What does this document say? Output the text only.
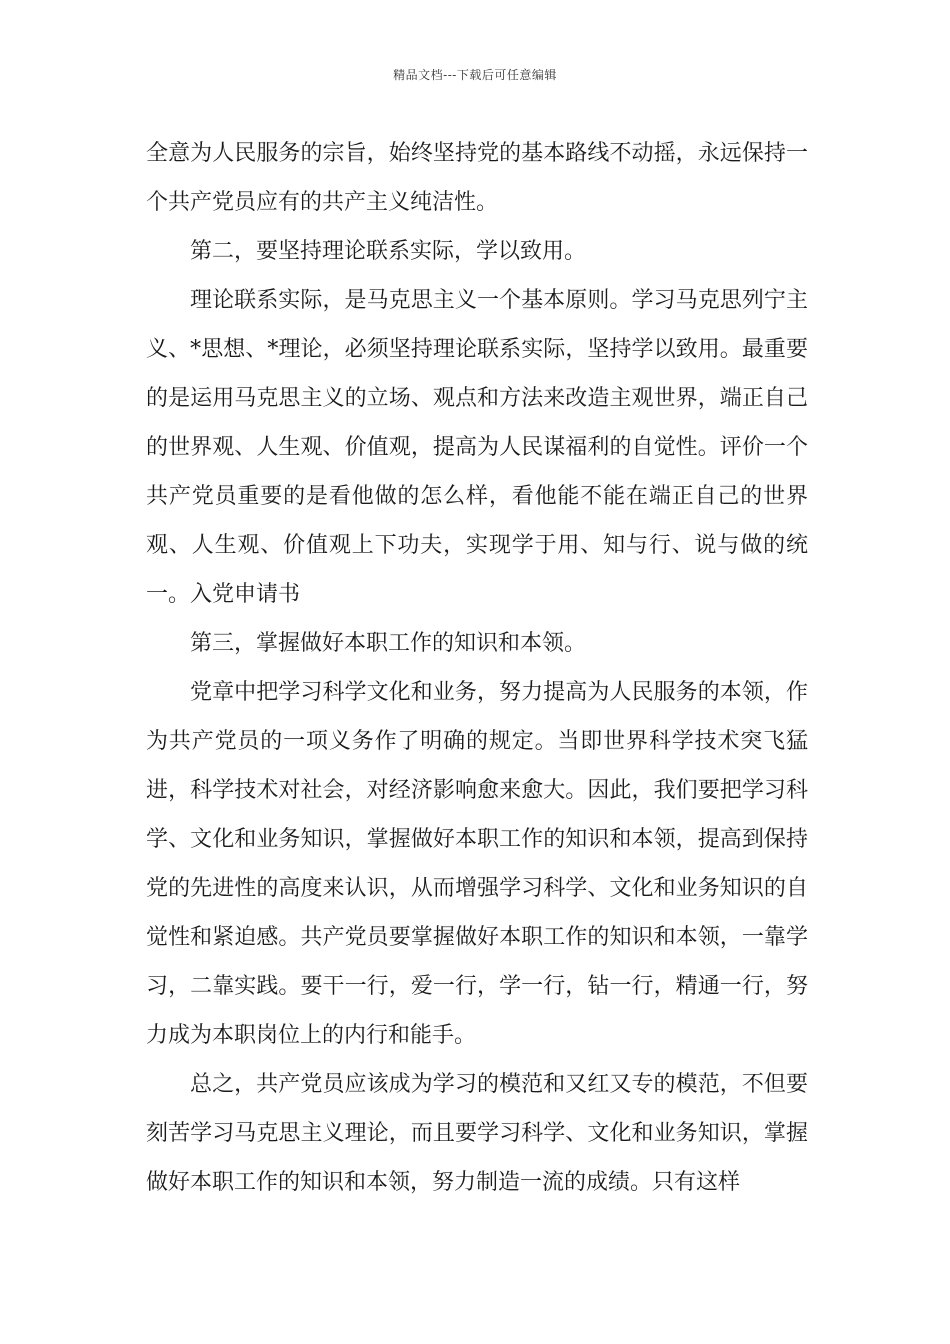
精品文档---下载后可任意编辑

全意为人民服务的宗旨，始终坚持党的基本路线不动摇，永远保持一个共产党员应有的共产主义纯洁性。

第二，要坚持理论联系实际，学以致用。

理论联系实际，是马克思主义一个基本原则。学习马克思列宁主义、*思想、*理论，必须坚持理论联系实际，坚持学以致用。最重要的是运用马克思主义的立场、观点和方法来改造主观世界，端正自己的世界观、人生观、价值观，提高为人民谋福利的自觉性。评价一个共产党员重要的是看他做的怎么样，看他能不能在端正自己的世界观、人生观、价值观上下功夫，实现学于用、知与行、说与做的统一。入党申请书

第三，掌握做好本职工作的知识和本领。

党章中把学习科学文化和业务，努力提高为人民服务的本领，作为共产党员的一项义务作了明确的规定。当即世界科学技术突飞猛进，科学技术对社会，对经济影响愈来愈大。因此，我们要把学习科学、文化和业务知识，掌握做好本职工作的知识和本领，提高到保持党的先进性的高度来认识，从而增强学习科学、文化和业务知识的自觉性和紧迫感。共产党员要掌握做好本职工作的知识和本领，一靠学习，二靠实践。要干一行，爱一行，学一行，钻一行，精通一行，努力成为本职岗位上的内行和能手。

总之，共产党员应该成为学习的模范和又红又专的模范，不但要刻苦学习马克思主义理论，而且要学习科学、文化和业务知识，掌握做好本职工作的知识和本领，努力制造一流的成绩。只有这样
